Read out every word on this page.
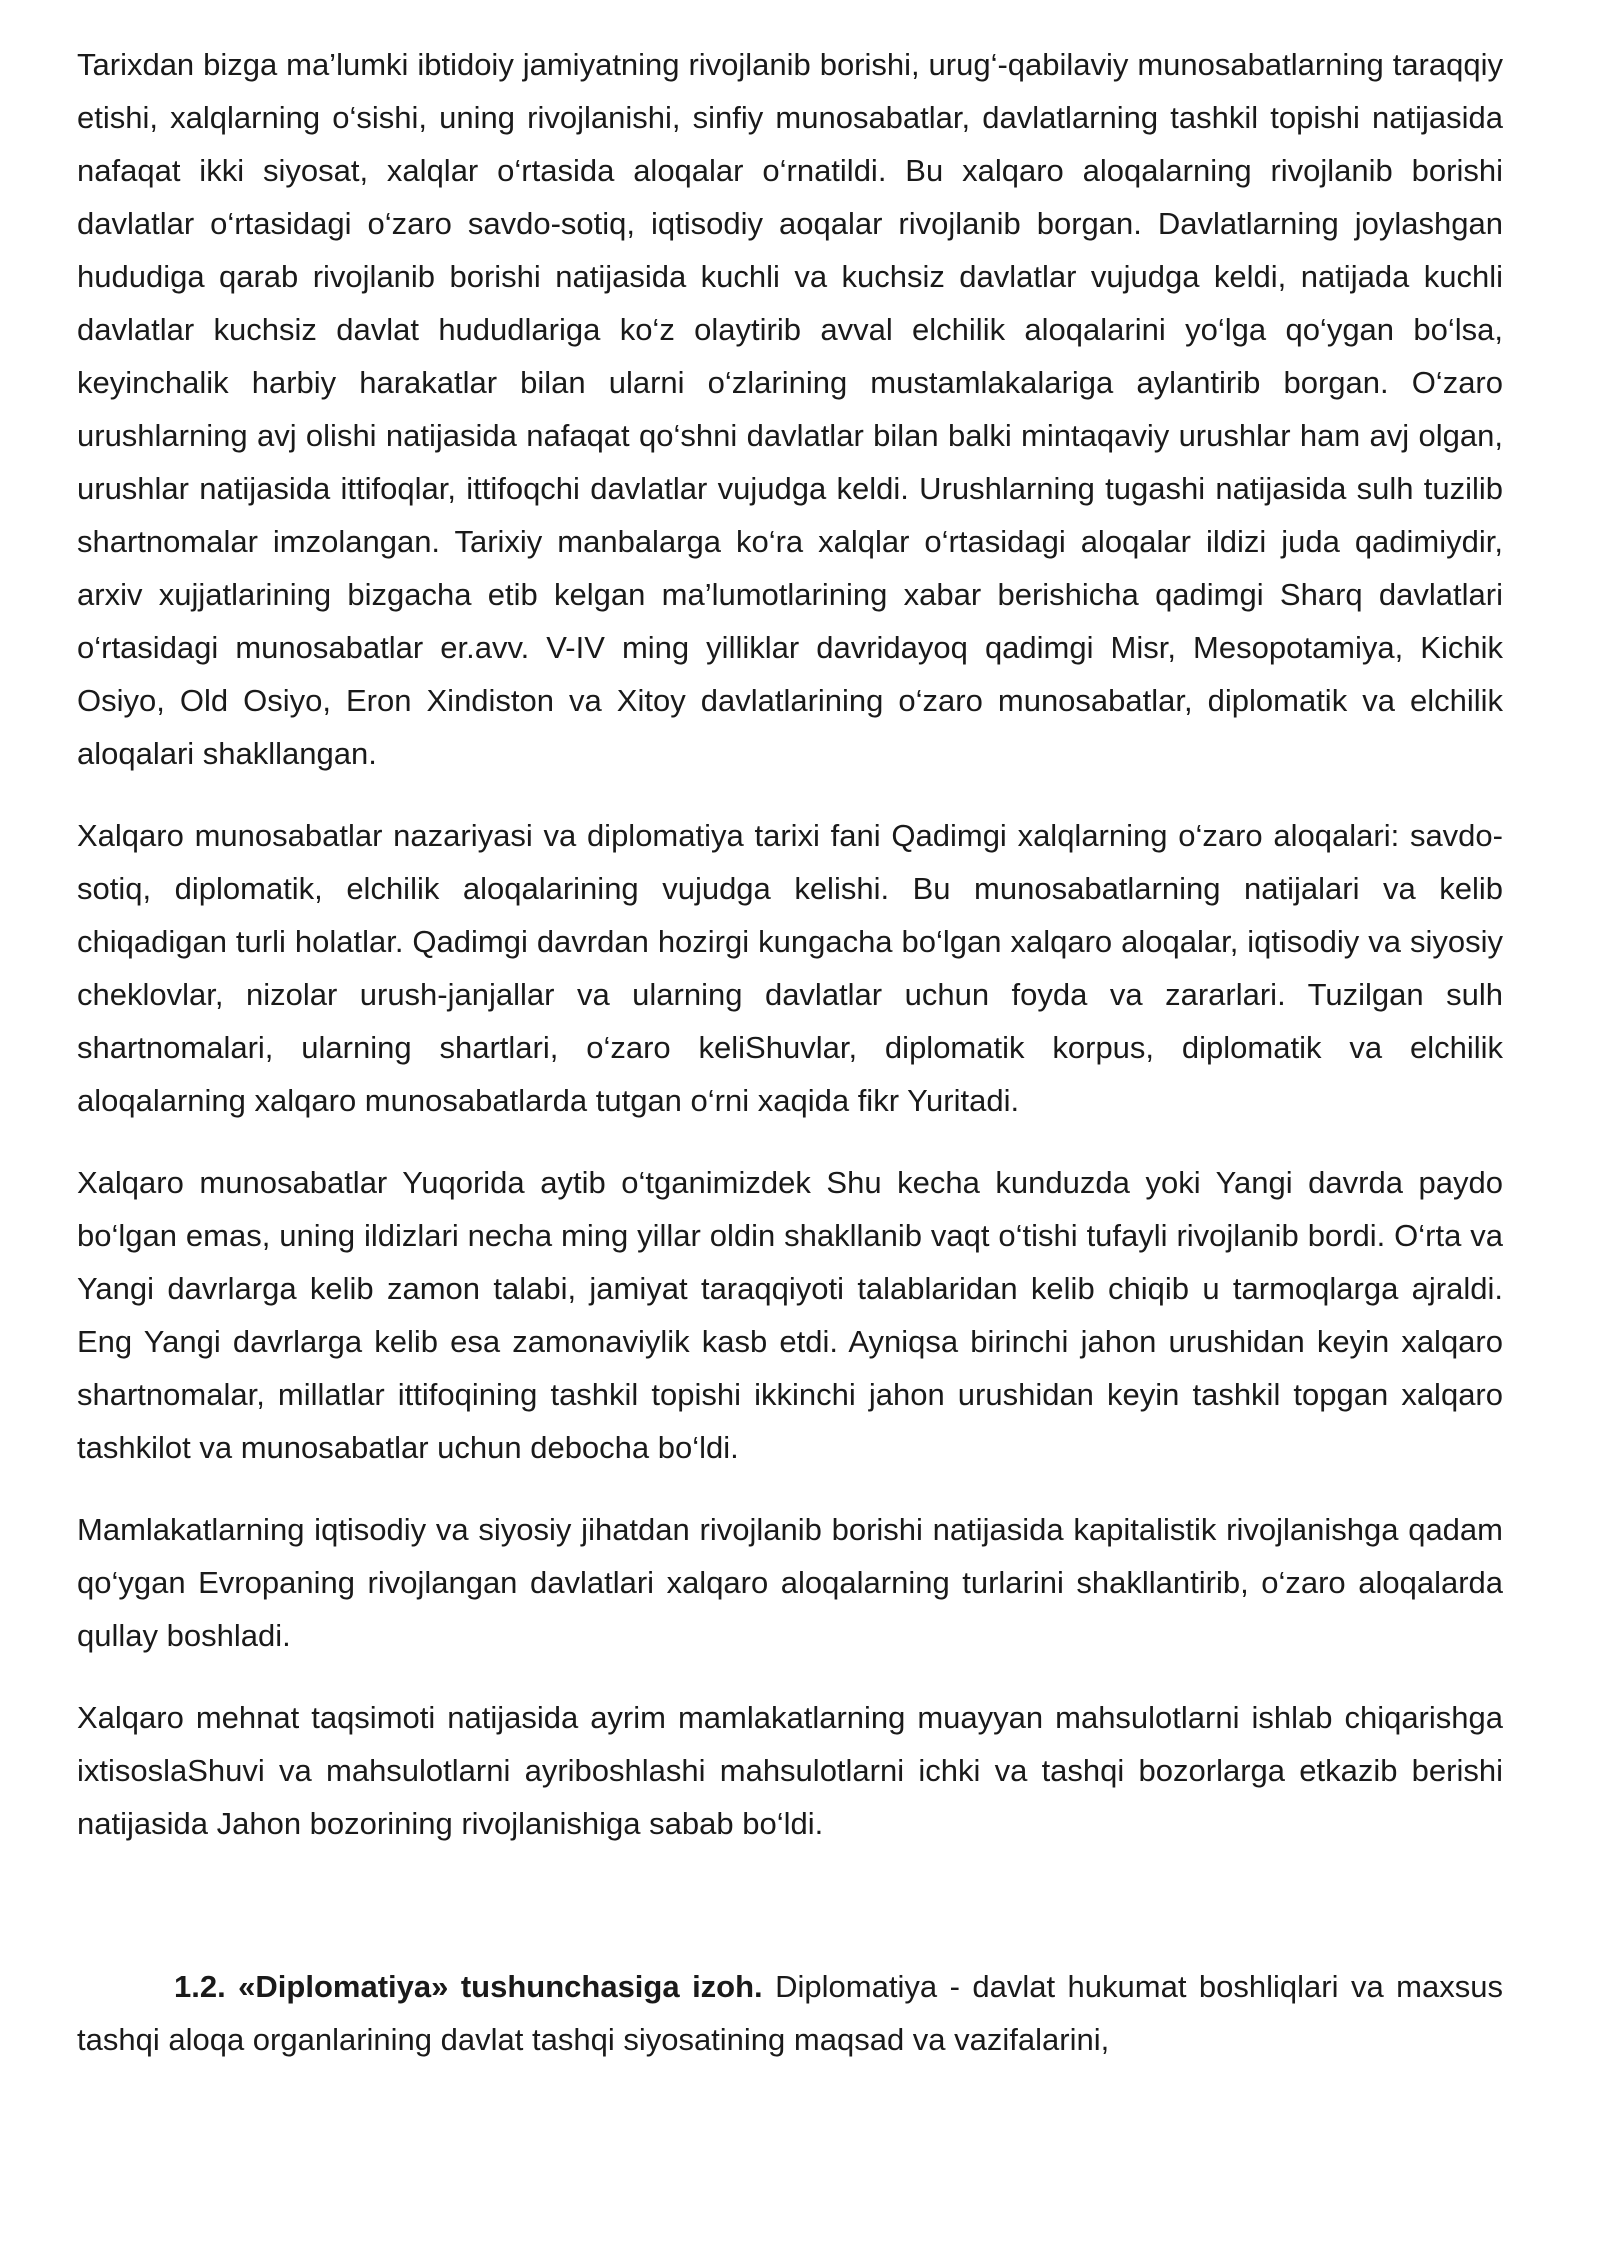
Tarixdan bizga ma’lumki ibtidoiy jamiyatning rivojlanib borishi, urug‘-qabilaviy munosabatlarning taraqqiy etishi, xalqlarning o‘sishi, uning rivojlanishi, sinfiy munosabatlar, davlatlarning tashkil topishi natijasida nafaqat ikki siyosat, xalqlar o‘rtasida aloqalar o‘rnatildi. Bu xalqaro aloqalarning rivojlanib borishi davlatlar o‘rtasidagi o‘zaro savdo-sotiq, iqtisodiy aoqalar rivojlanib borgan. Davlatlarning joylashgan hududiga qarab rivojlanib borishi natijasida kuchli va kuchsiz davlatlar vujudga keldi, natijada kuchli davlatlar kuchsiz davlat hududlariga ko‘z olaytirib avval elchilik aloqalarini yo‘lga qo‘ygan bo‘lsa, keyinchalik harbiy harakatlar bilan ularni o‘zlarining mustamlakalariga aylantirib borgan. O‘zaro urushlarning avj olishi natijasida nafaqat qo‘shni davlatlar bilan balki mintaqaviy urushlar ham avj olgan, urushlar natijasida ittifoqlar, ittifoqchi davlatlar vujudga keldi. Urushlarning tugashi natijasida sulh tuzilib shartnomalar imzolangan. Tarixiy manbalarga ko‘ra xalqlar o‘rtasidagi aloqalar ildizi juda qadimiydir, arxiv xujjatlarining bizgacha etib kelgan ma’lumotlarining xabar berishicha qadimgi Sharq davlatlari o‘rtasidagi munosabatlar er.avv. V-IV ming yilliklar davridayoq qadimgi Misr, Mesopotamiya, Kichik Osiyo, Old Osiyo, Eron Xindiston va Xitoy davlatlarining o‘zaro munosabatlar, diplomatik va elchilik aloqalari shakllangan.

Xalqaro munosabatlar nazariyasi va diplomatiya tarixi fani Qadimgi xalqlarning o‘zaro aloqalari: savdo-sotiq, diplomatik, elchilik aloqalarining vujudga kelishi. Bu munosabatlarning natijalari va kelib chiqadigan turli holatlar. Qadimgi davrdan hozirgi kungacha bo‘lgan xalqaro aloqalar, iqtisodiy va siyosiy cheklovlar, nizolar urush-janjallar va ularning davlatlar uchun foyda va zararlari. Tuzilgan sulh shartnomalari, ularning shartlari, o‘zaro keliShuvlar, diplomatik korpus, diplomatik va elchilik aloqalarning xalqaro munosabatlarda tutgan o‘rni xaqida fikr Yuritadi.

Xalqaro munosabatlar Yuqorida aytib o‘tganimizdek Shu kecha kunduzda yoki Yangi davrda paydo bo‘lgan emas, uning ildizlari necha ming yillar oldin shakllanib vaqt o‘tishi tufayli rivojlanib bordi. O‘rta va Yangi davrlarga kelib zamon talabi, jamiyat taraqqiyoti talablaridan kelib chiqib u tarmoqlarga ajraldi. Eng Yangi davrlarga kelib esa zamonaviylik kasb etdi. Ayniqsa birinchi jahon urushidan keyin xalqaro shartnomalar, millatlar ittifoqining tashkil topishi ikkinchi jahon urushidan keyin tashkil topgan xalqaro tashkilot va munosabatlar uchun debocha bo‘ldi.

Mamlakatlarning iqtisodiy va siyosiy jihatdan rivojlanib borishi natijasida kapitalistik rivojlanishga qadam qo‘ygan Evropaning rivojlangan davlatlari xalqaro aloqalarning turlarini shakllantirib, o‘zaro aloqalarda qullay boshladi.

Xalqaro mehnat taqsimoti natijasida ayrim mamlakatlarning muayyan mahsulotlarni ishlab chiqarishga ixtisoslaShuvi va mahsulotlarni ayriboshlashi mahsulotlarni ichki va tashqi bozorlarga etkazib berishi natijasida Jahon bozorining rivojlanishiga sabab bo‘ldi.

1.2. «Diplomatiya» tushunchasiga izoh. Diplomatiya - davlat hukumat boshliqlari va maxsus tashqi aloqa organlarining davlat tashqi siyosatining maqsad va vazifalarini,
